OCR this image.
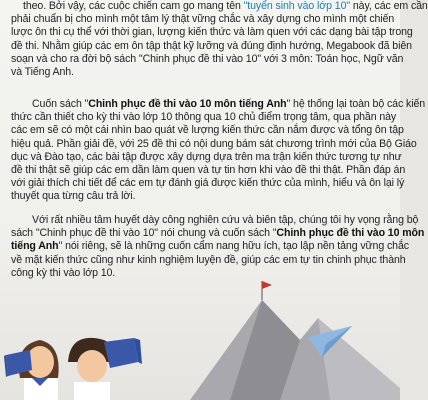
theo. Bởi vậy, các cuộc chiến cam go mang tên "tuyển sinh vào lớp 10" này, các em cần
phải chuẩn bị cho mình một tâm lý thật vững chắc và xây dựng cho mình một chiến
lược ôn thi cụ thể với thời gian, lượng kiến thức và làm quen với các dạng bài tập trong
đề thi. Nhằm giúp các em ôn tập thật kỹ lưỡng và đúng định hướng, Megabook đã biên
soạn và cho ra đời bộ sách "Chinh phục đề thi vào 10" với 3 môn: Toán học, Ngữ văn
và Tiếng Anh.
Cuốn sách "Chinh phục đề thi vào 10 môn tiếng Anh" hệ thống lại toàn bộ các kiến
thức cần thiết cho kỳ thi vào lớp 10 thông qua 10 chủ điểm trọng tâm, qua phần này
các em sẽ có một cái nhìn bao quát về lượng kiến thức cần nắm được và tổng ôn tập
hiệu quả. Phần giải đề, với 25 đề thi có nội dung bám sát chương trình mới của Bộ Giáo
dục và Đào tạo, các bài tập được xây dựng dựa trên ma trận kiến thức tương tự như
đề thi thật sẽ giúp các em dần làm quen và tự tin hơn khi vào đề thi thật. Phần đáp án
với giải thích chi tiết để các em tự đánh giá được kiến thức của mình, hiểu và ôn lại lý
thuyết qua từng câu trả lời.
Với rất nhiều tâm huyết dày công nghiên cứu và biên tập, chúng tôi hy vọng rằng bộ
sách "Chinh phục đề thi vào 10" nói chung và cuốn sách "Chinh phục đề thi vào 10 môn
tiếng Anh" nói riêng, sẽ là những cuốn cẩm nang hữu ích, tạo lập nền tảng vững chắc
về mặt kiến thức cũng như kinh nghiệm luyện đề, giúp các em tự tin chinh phục thành
công kỳ thi vào lớp 10.
